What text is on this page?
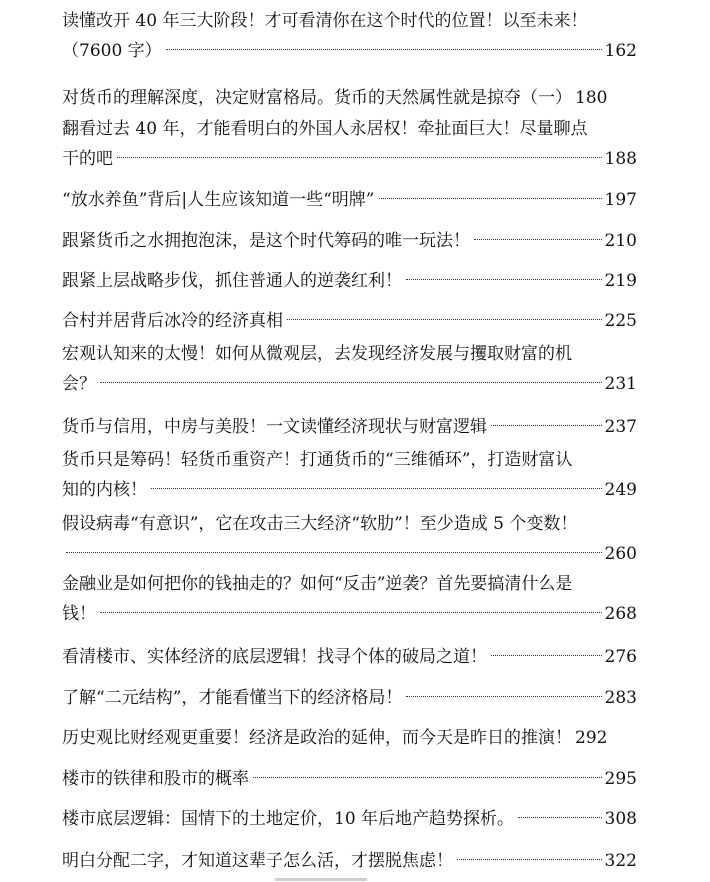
读懂改开 40 年三大阶段！才可看清你在这个时代的位置！以至未来！
（7600 字）	162
对货币的理解深度，决定财富格局。货币的天然属性就是掠夺（一） 180
翻看过去 40 年，才能看明白的外国人永居权！牵扯面巨大！尽量聊点
干的吧	188
“放水养鱼”背后|人生应该知道一些“明牌”	197
跟紧货币之水拥抱泡沫，是这个时代筹码的唯一玩法！	210
跟紧上层战略步伐，抓住普通人的逆袭红利！	219
合村并居背后冰冷的经济真相	225
宏观认知来的太慢！如何从微观层，去发现经济发展与攫取财富的机
会？	231
货币与信用，中房与美股！一文读懂经济现状与财富逻辑	237
货币只是筹码！轻货币重资产！打通货币的“三维循环”，打造财富认
知的内核！	249
假设病毒“有意识”，它在攻击三大经济“软肋”！至少造成 5 个变数！
260
金融业是如何把你的钱抽走的？如何“反击”逆袭？首先要搞清什么是
钱！	268
看清楼市、实体经济的底层逻辑！找寻个体的破局之道！	276
了解“二元结构”，才能看懂当下的经济格局！	283
历史观比财经观更重要！经济是政治的延伸，而今天是昨日的推演！ 292
楼市的铁律和股市的概率	295
楼市底层逻辑：国情下的土地定价，10 年后地产趋势探析。	308
明白分配二字，才知道这辈子怎么活，才摆脱焦虑！	322
